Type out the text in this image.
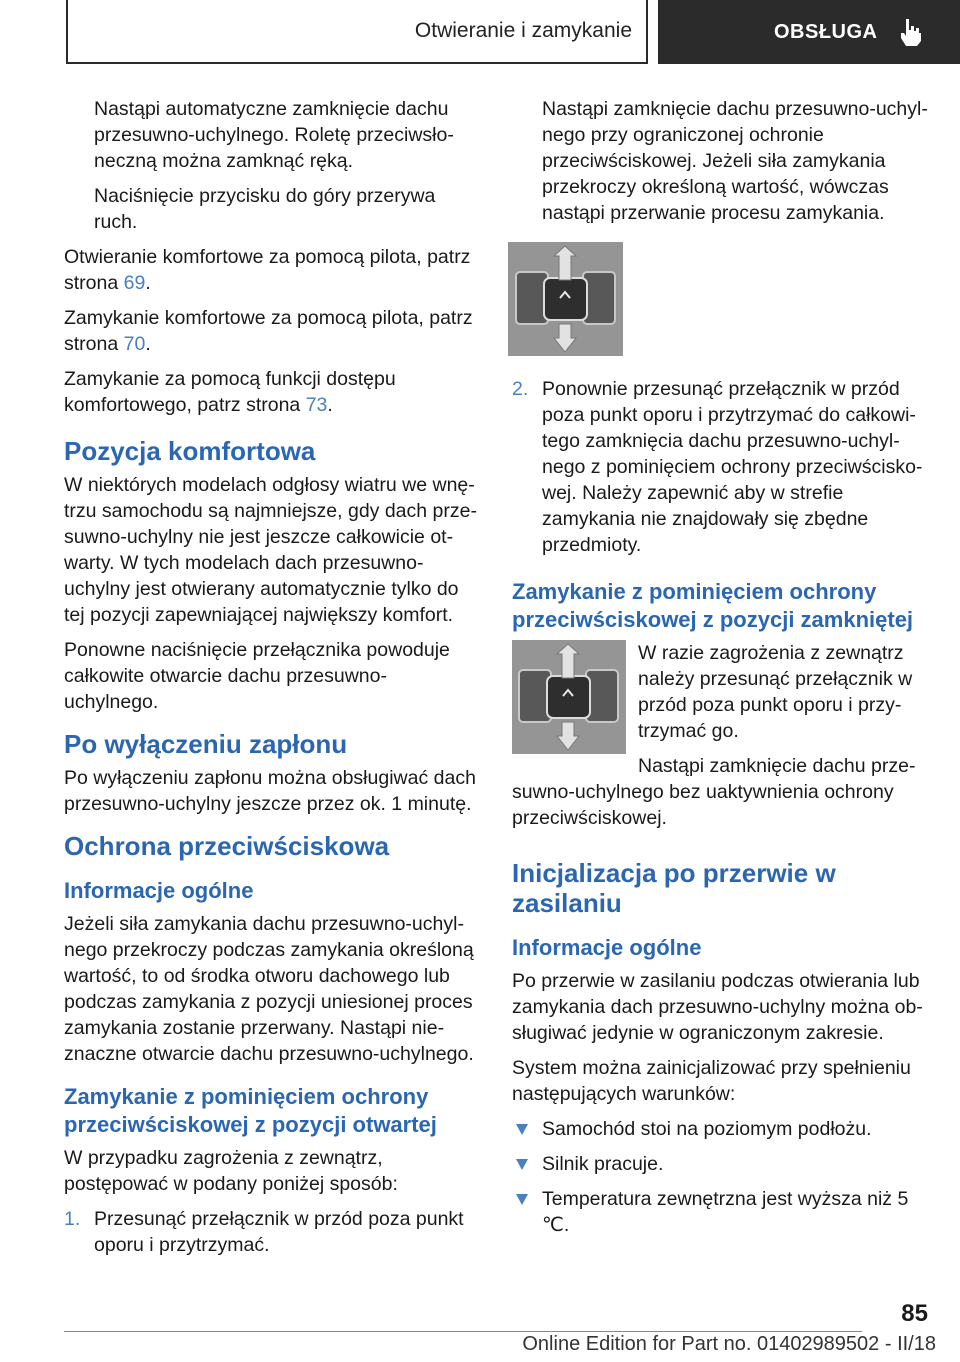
Otwieranie i zamykanie	OBSŁUGA

Nastąpi automatyczne zamknięcie dachu przesuwno-uchylnego. Roletę przeciwsłoneczną można zamknąć ręką.

Naciśnięcie przycisku do góry przerywa ruch.

Otwieranie komfortowe za pomocą pilota, patrz strona 69.

Zamykanie komfortowe za pomocą pilota, patrz strona 70.

Zamykanie za pomocą funkcji dostępu komfortowego, patrz strona 73.

Pozycja komfortowa

W niektórych modelach odgłosy wiatru we wnętrzu samochodu są najmniejsze, gdy dach przesuwno-uchylny nie jest jeszcze całkowicie otwarty. W tych modelach dach przesuwno-uchylny jest otwierany automatycznie tylko do tej pozycji zapewniającej największy komfort.

Ponowne naciśnięcie przełącznika powoduje całkowite otwarcie dachu przesuwno-uchylnego.

Po wyłączeniu zapłonu

Po wyłączeniu zapłonu można obsługiwać dach przesuwno-uchylny jeszcze przez ok. 1 minutę.

Ochrona przeciwściskowa
Informacje ogólne

Jeżeli siła zamykania dachu przesuwno-uchylnego przekroczy podczas zamykania określoną wartość, to od środka otworu dachowego lub podczas zamykania z pozycji uniesionej proces zamykania zostanie przerwany. Nastąpi nieznaczne otwarcie dachu przesuwno-uchylnego.

Zamykanie z pominięciem ochrony przeciwściskowej z pozycji otwartej

W przypadku zagrożenia z zewnątrz, postępować w podany poniżej sposób:

1. Przesunąć przełącznik w przód poza punkt oporu i przytrzymać.

Nastąpi zamknięcie dachu przesuwno-uchylnego przy ograniczonej ochronie przeciwściskowej. Jeżeli siła zamykania przekroczy określoną wartość, wówczas nastąpi przerwanie procesu zamykania.

2. Ponownie przesunąć przełącznik w przód poza punkt oporu i przytrzymać do całkowitego zamknięcia dachu przesuwno-uchylnego z pominięciem ochrony przeciwściskowej. Należy zapewnić aby w strefie zamykania nie znajdowały się zbędne przedmioty.
Zamykanie z pominięciem ochrony przeciwściskowej z pozycji zamkniętej

W razie zagrożenia z zewnątrz należy przesunąć przełącznik w przód poza punkt oporu i przytrzymać go.

Nastąpi zamknięcie dachu przesuwno-uchylnego bez uaktywnienia ochrony przeciwściskowej.

Inicjalizacja po przerwie w zasilaniu
Informacje ogólne

Po przerwie w zasilaniu podczas otwierania lub zamykania dach przesuwno-uchylny można obsługiwać jedynie w ograniczonym zakresie.

System można zainicjalizować przy spełnieniu następujących warunków:

Samochód stoi na poziomym podłożu.
Silnik pracuje.
Temperatura zewnętrzna jest wyższa niż 5 ℃.
85
Online Edition for Part no. 01402989502 - II/18
